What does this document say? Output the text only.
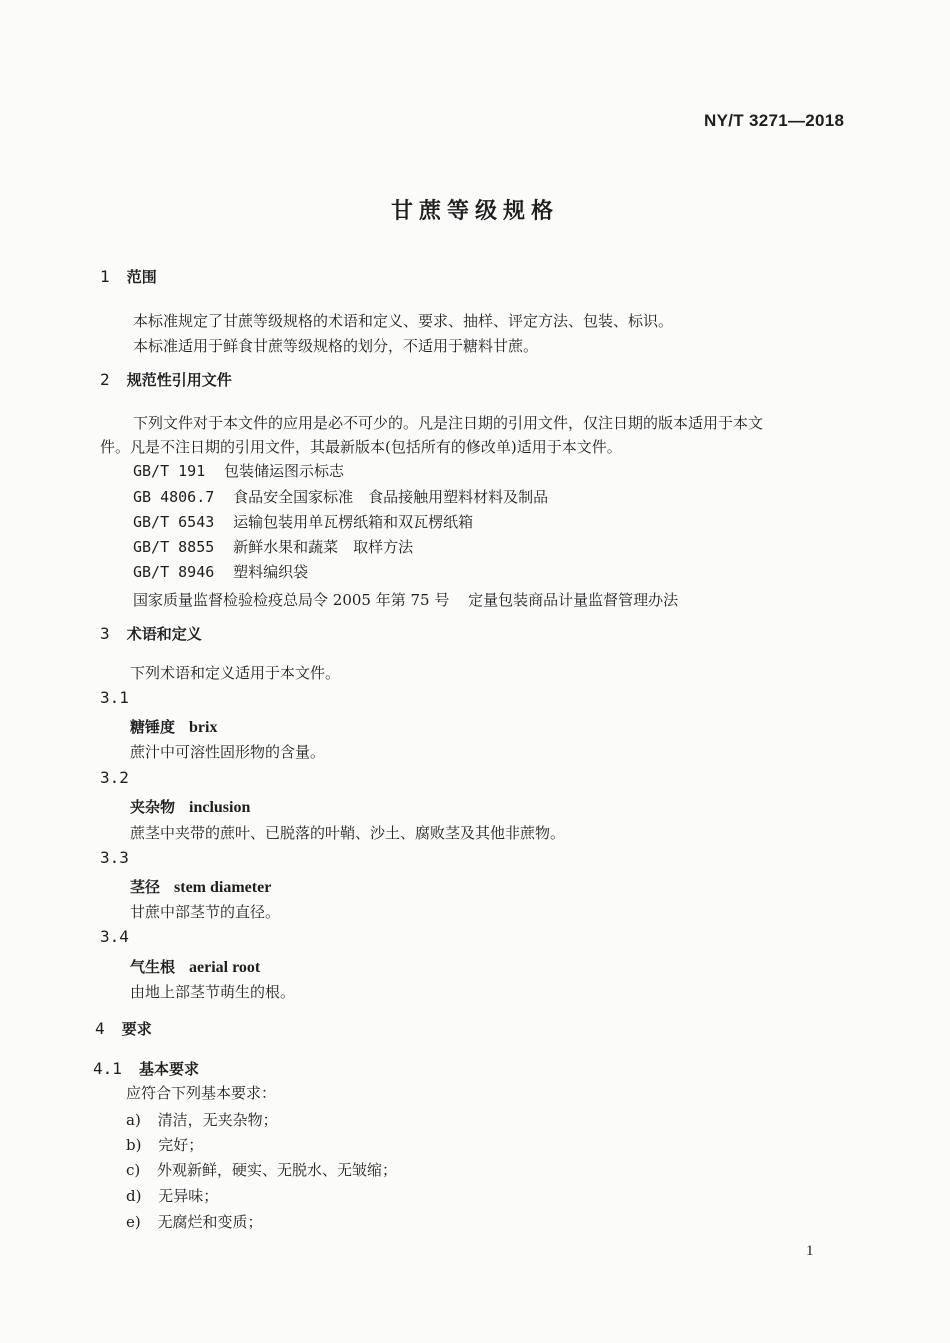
NY/T 3271—2018
甘蔗等级规格
1 范围
本标准规定了甘蔗等级规格的术语和定义、要求、抽样、评定方法、包装、标识。
本标准适用于鲜食甘蔗等级规格的划分，不适用于糖料甘蔗。
2 规范性引用文件
下列文件对于本文件的应用是必不可少的。凡是注日期的引用文件，仅注日期的版本适用于本文
件。凡是不注日期的引用文件，其最新版本(包括所有的修改单)适用于本文件。
GB/T 191 包装储运图示标志
GB 4806.7 食品安全国家标准　食品接触用塑料材料及制品
GB/T 6543 运输包装用单瓦楞纸箱和双瓦楞纸箱
GB/T 8855 新鲜水果和蔬菜　取样方法
GB/T 8946 塑料编织袋
国家质量监督检验检疫总局令 2005 年第 75 号 定量包装商品计量监督管理办法
3 术语和定义
下列术语和定义适用于本文件。
3.1
糖锤度 brix
蔗汁中可溶性固形物的含量。
3.2
夹杂物 inclusion
蔗茎中夹带的蔗叶、已脱落的叶鞘、沙土、腐败茎及其他非蔗物。
3.3
茎径 stem diameter
甘蔗中部茎节的直径。
3.4
气生根 aerial root
由地上部茎节萌生的根。
4 要求
4.1 基本要求
应符合下列基本要求：
a) 清洁，无夹杂物；
b) 完好；
c) 外观新鲜，硬实、无脱水、无皱缩；
d) 无异味；
e) 无腐烂和变质；
1
